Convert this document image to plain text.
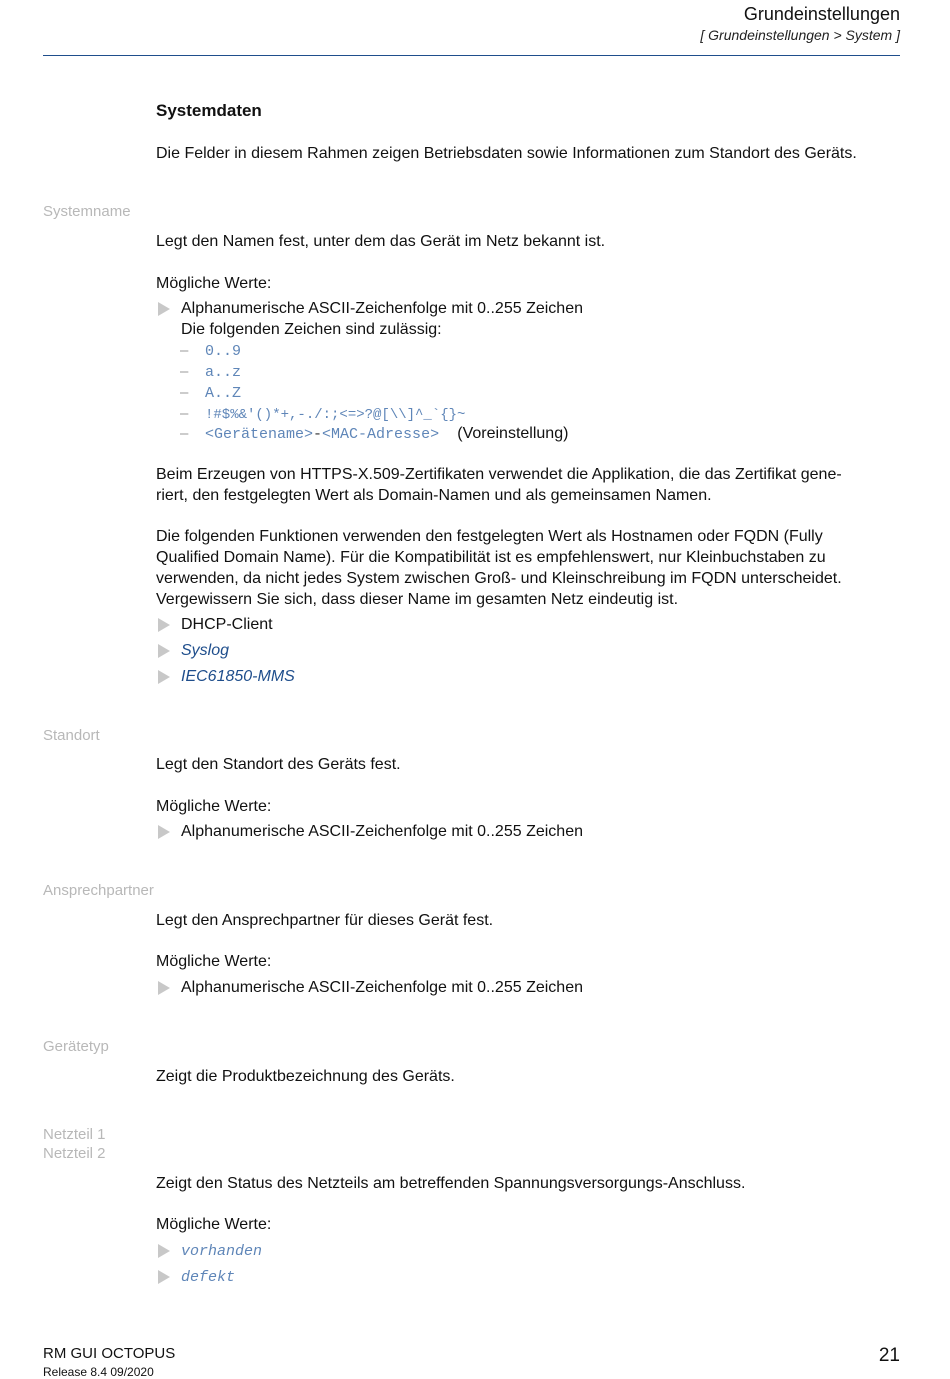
Grundeinstellungen
[ Grundeinstellungen > System ]
Systemdaten
Die Felder in diesem Rahmen zeigen Betriebsdaten sowie Informationen zum Standort des Geräts.
Systemname
Legt den Namen fest, unter dem das Gerät im Netz bekannt ist.
Mögliche Werte:
Alphanumerische ASCII-Zeichenfolge mit 0..255 Zeichen
Die folgenden Zeichen sind zulässig:
– 0..9
– a..z
– A..Z
– !#$%&'()*+,-./:;<=>?@[\\]^_`{}~
– <Gerätename>-<MAC-Adresse> (Voreinstellung)
Beim Erzeugen von HTTPS-X.509-Zertifikaten verwendet die Applikation, die das Zertifikat gene-
riert, den festgelegten Wert als Domain-Namen und als gemeinsamen Namen.
Die folgenden Funktionen verwenden den festgelegten Wert als Hostnamen oder FQDN (Fully
Qualified Domain Name). Für die Kompatibilität ist es empfehlenswert, nur Kleinbuchstaben zu
verwenden, da nicht jedes System zwischen Groß- und Kleinschreibung im FQDN unterscheidet.
Vergewissern Sie sich, dass dieser Name im gesamten Netz eindeutig ist.
DHCP-Client
Syslog
IEC61850-MMS
Standort
Legt den Standort des Geräts fest.
Mögliche Werte:
Alphanumerische ASCII-Zeichenfolge mit 0..255 Zeichen
Ansprechpartner
Legt den Ansprechpartner für dieses Gerät fest.
Mögliche Werte:
Alphanumerische ASCII-Zeichenfolge mit 0..255 Zeichen
Gerätetyp
Zeigt die Produktbezeichnung des Geräts.
Netzteil 1
Netzteil 2
Zeigt den Status des Netzteils am betreffenden Spannungsversorgungs-Anschluss.
Mögliche Werte:
vorhanden
defekt
RM GUI OCTOPUS
Release 8.4 09/2020
21
